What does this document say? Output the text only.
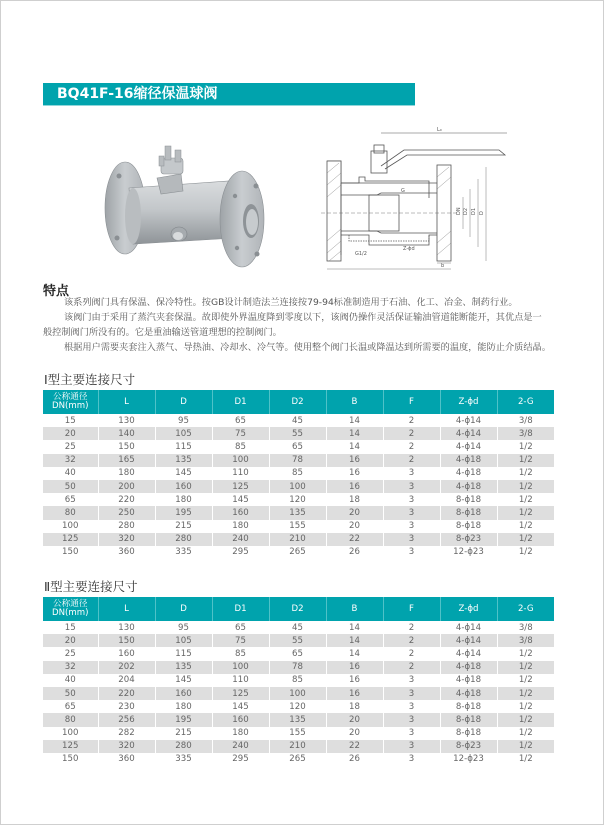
BQ41F-16缩径保温球阀
L₀
G
G1/2
Z-ϕd
b
DN D2 D1 D
特点

该系列阀门具有保温、保冷特性。按GB设计制造法兰连接按79-94标准制造用于石油、化工、冶金、制药行业。

该阀门由于采用了蒸汽夹套保温。故即使外界温度降到零度以下，该阀仍操作灵活保证输油管道能断能开，其优点是一

般控制阀门所没有的。它是重油输送管道理想的控制阀门。

根据用户需要夹套注入蒸气、导热油、冷却水、冷气等。使用整个阀门长温或降温达到所需要的温度，能防止介质结晶。

Ⅰ型主要连接尺寸
公称通径
DN(mm)	L	D	D1	D2	B	F	Z-ϕd	2-G
15	130	95	65	45	14	2	4-ϕ14	3/8
20	140	105	75	55	14	2	4-ϕ14	3/8
25	150	115	85	65	14	2	4-ϕ14	1/2
32	165	135	100	78	16	2	4-ϕ18	1/2
40	180	145	110	85	16	3	4-ϕ18	1/2
50	200	160	125	100	16	3	4-ϕ18	1/2
65	220	180	145	120	18	3	8-ϕ18	1/2
80	250	195	160	135	20	3	8-ϕ18	1/2
100	280	215	180	155	20	3	8-ϕ18	1/2
125	320	280	240	210	22	3	8-ϕ23	1/2
150	360	335	295	265	26	3	12-ϕ23	1/2
Ⅱ型主要连接尺寸
公称通径
DN(mm)	L	D	D1	D2	B	F	Z-ϕd	2-G
15	130	95	65	45	14	2	4-ϕ14	3/8
20	150	105	75	55	14	2	4-ϕ14	3/8
25	160	115	85	65	14	2	4-ϕ14	1/2
32	202	135	100	78	16	2	4-ϕ18	1/2
40	204	145	110	85	16	3	4-ϕ18	1/2
50	220	160	125	100	16	3	4-ϕ18	1/2
65	230	180	145	120	18	3	8-ϕ18	1/2
80	256	195	160	135	20	3	8-ϕ18	1/2
100	282	215	180	155	20	3	8-ϕ18	1/2
125	320	280	240	210	22	3	8-ϕ23	1/2
150	360	335	295	265	26	3	12-ϕ23	1/2
